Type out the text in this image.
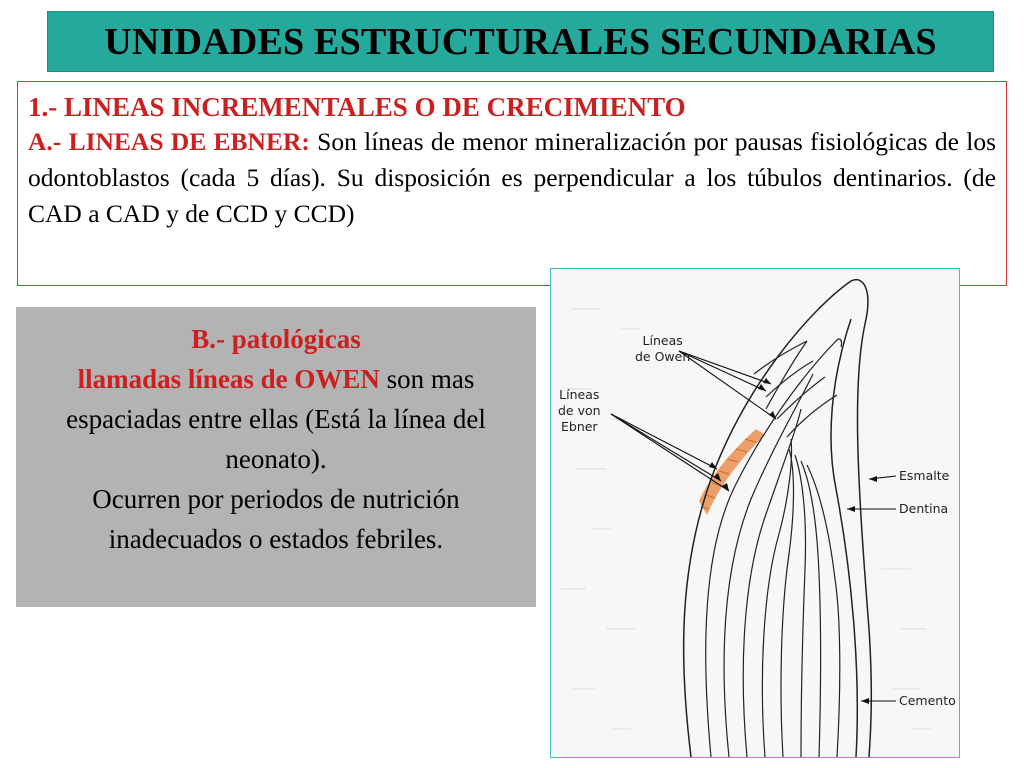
UNIDADES ESTRUCTURALES SECUNDARIAS

1.- LINEAS INCREMENTALES O DE CRECIMIENTO

A.- LINEAS DE EBNER: Son líneas de menor mineralización por pausas fisiológicas de los odontoblastos (cada 5 días). Su disposición es perpendicular a los túbulos dentinarios. (de CAD a CAD y de CCD y CCD)

B.- patológicas
llamadas líneas de OWEN son mas espaciadas entre ellas (Está la línea del neonato).
Ocurren por periodos de nutrición inadecuados o estados febriles.
Líneas
de Owen
Líneas
de von
Ebner
Esmalte
Dentina
Cemento
